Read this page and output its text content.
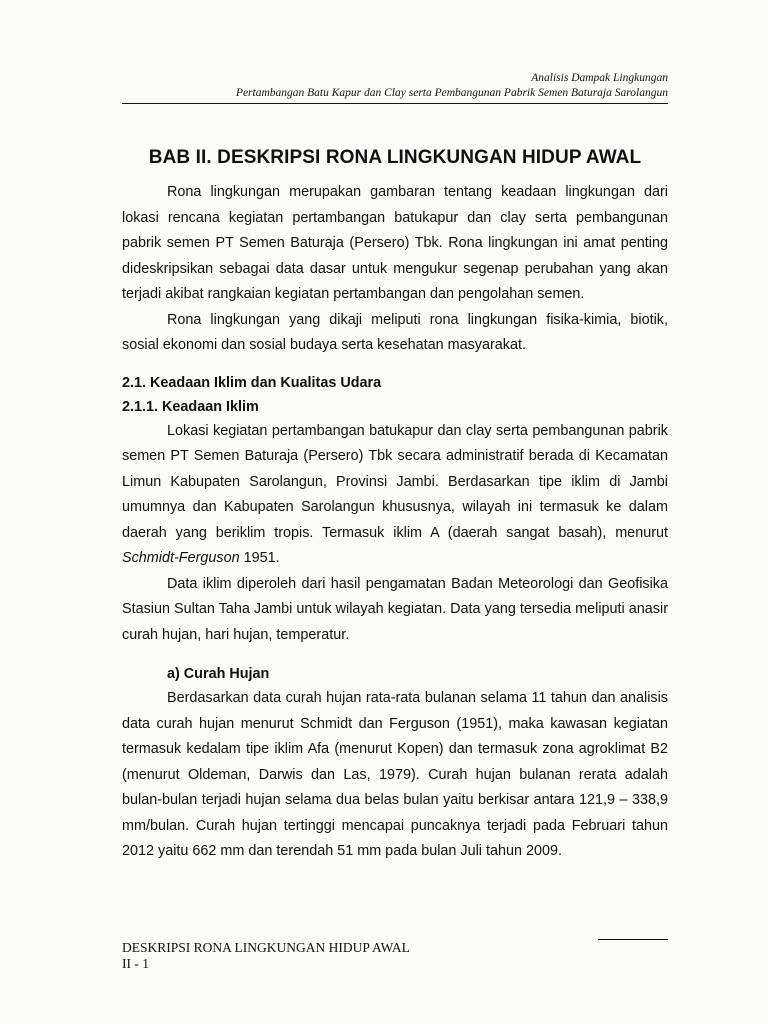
Analisis Dampak Lingkungan
Pertambangan Batu Kapur dan Clay serta Pembangunan Pabrik Semen Baturaja Sarolangun
BAB II. DESKRIPSI RONA LINGKUNGAN HIDUP AWAL

Rona lingkungan merupakan gambaran tentang keadaan lingkungan dari lokasi rencana kegiatan pertambangan batukapur dan clay serta pembangunan pabrik semen PT Semen Baturaja (Persero) Tbk. Rona lingkungan ini amat penting dideskripsikan sebagai data dasar untuk mengukur segenap perubahan yang akan terjadi akibat rangkaian kegiatan pertambangan dan pengolahan semen.

Rona lingkungan yang dikaji meliputi rona lingkungan fisika-kimia, biotik, sosial ekonomi dan sosial budaya serta kesehatan masyarakat.

2.1. Keadaan Iklim dan Kualitas Udara
2.1.1. Keadaan Iklim

Lokasi kegiatan pertambangan batukapur dan clay serta pembangunan pabrik semen PT Semen Baturaja (Persero) Tbk secara administratif berada di Kecamatan Limun Kabupaten Sarolangun, Provinsi Jambi. Berdasarkan tipe iklim di Jambi umumnya dan Kabupaten Sarolangun khususnya, wilayah ini termasuk ke dalam daerah yang beriklim tropis. Termasuk iklim A (daerah sangat basah), menurut Schmidt-Ferguson 1951.

Data iklim diperoleh dari hasil pengamatan Badan Meteorologi dan Geofisika Stasiun Sultan Taha Jambi untuk wilayah kegiatan. Data yang tersedia meliputi anasir curah hujan, hari hujan, temperatur.

a) Curah Hujan

Berdasarkan data curah hujan rata-rata bulanan selama 11 tahun dan analisis data curah hujan menurut Schmidt dan Ferguson (1951), maka kawasan kegiatan termasuk kedalam tipe iklim Afa (menurut Kopen) dan termasuk zona agroklimat B2 (menurut Oldeman, Darwis dan Las, 1979). Curah hujan bulanan rerata adalah bulan-bulan terjadi hujan selama dua belas bulan yaitu berkisar antara 121,9 – 338,9 mm/bulan. Curah hujan tertinggi mencapai puncaknya terjadi pada Februari tahun 2012 yaitu 662 mm dan terendah 51 mm pada bulan Juli tahun 2009.

DESKRIPSI RONA LINGKUNGAN HIDUP AWAL
II - 1
